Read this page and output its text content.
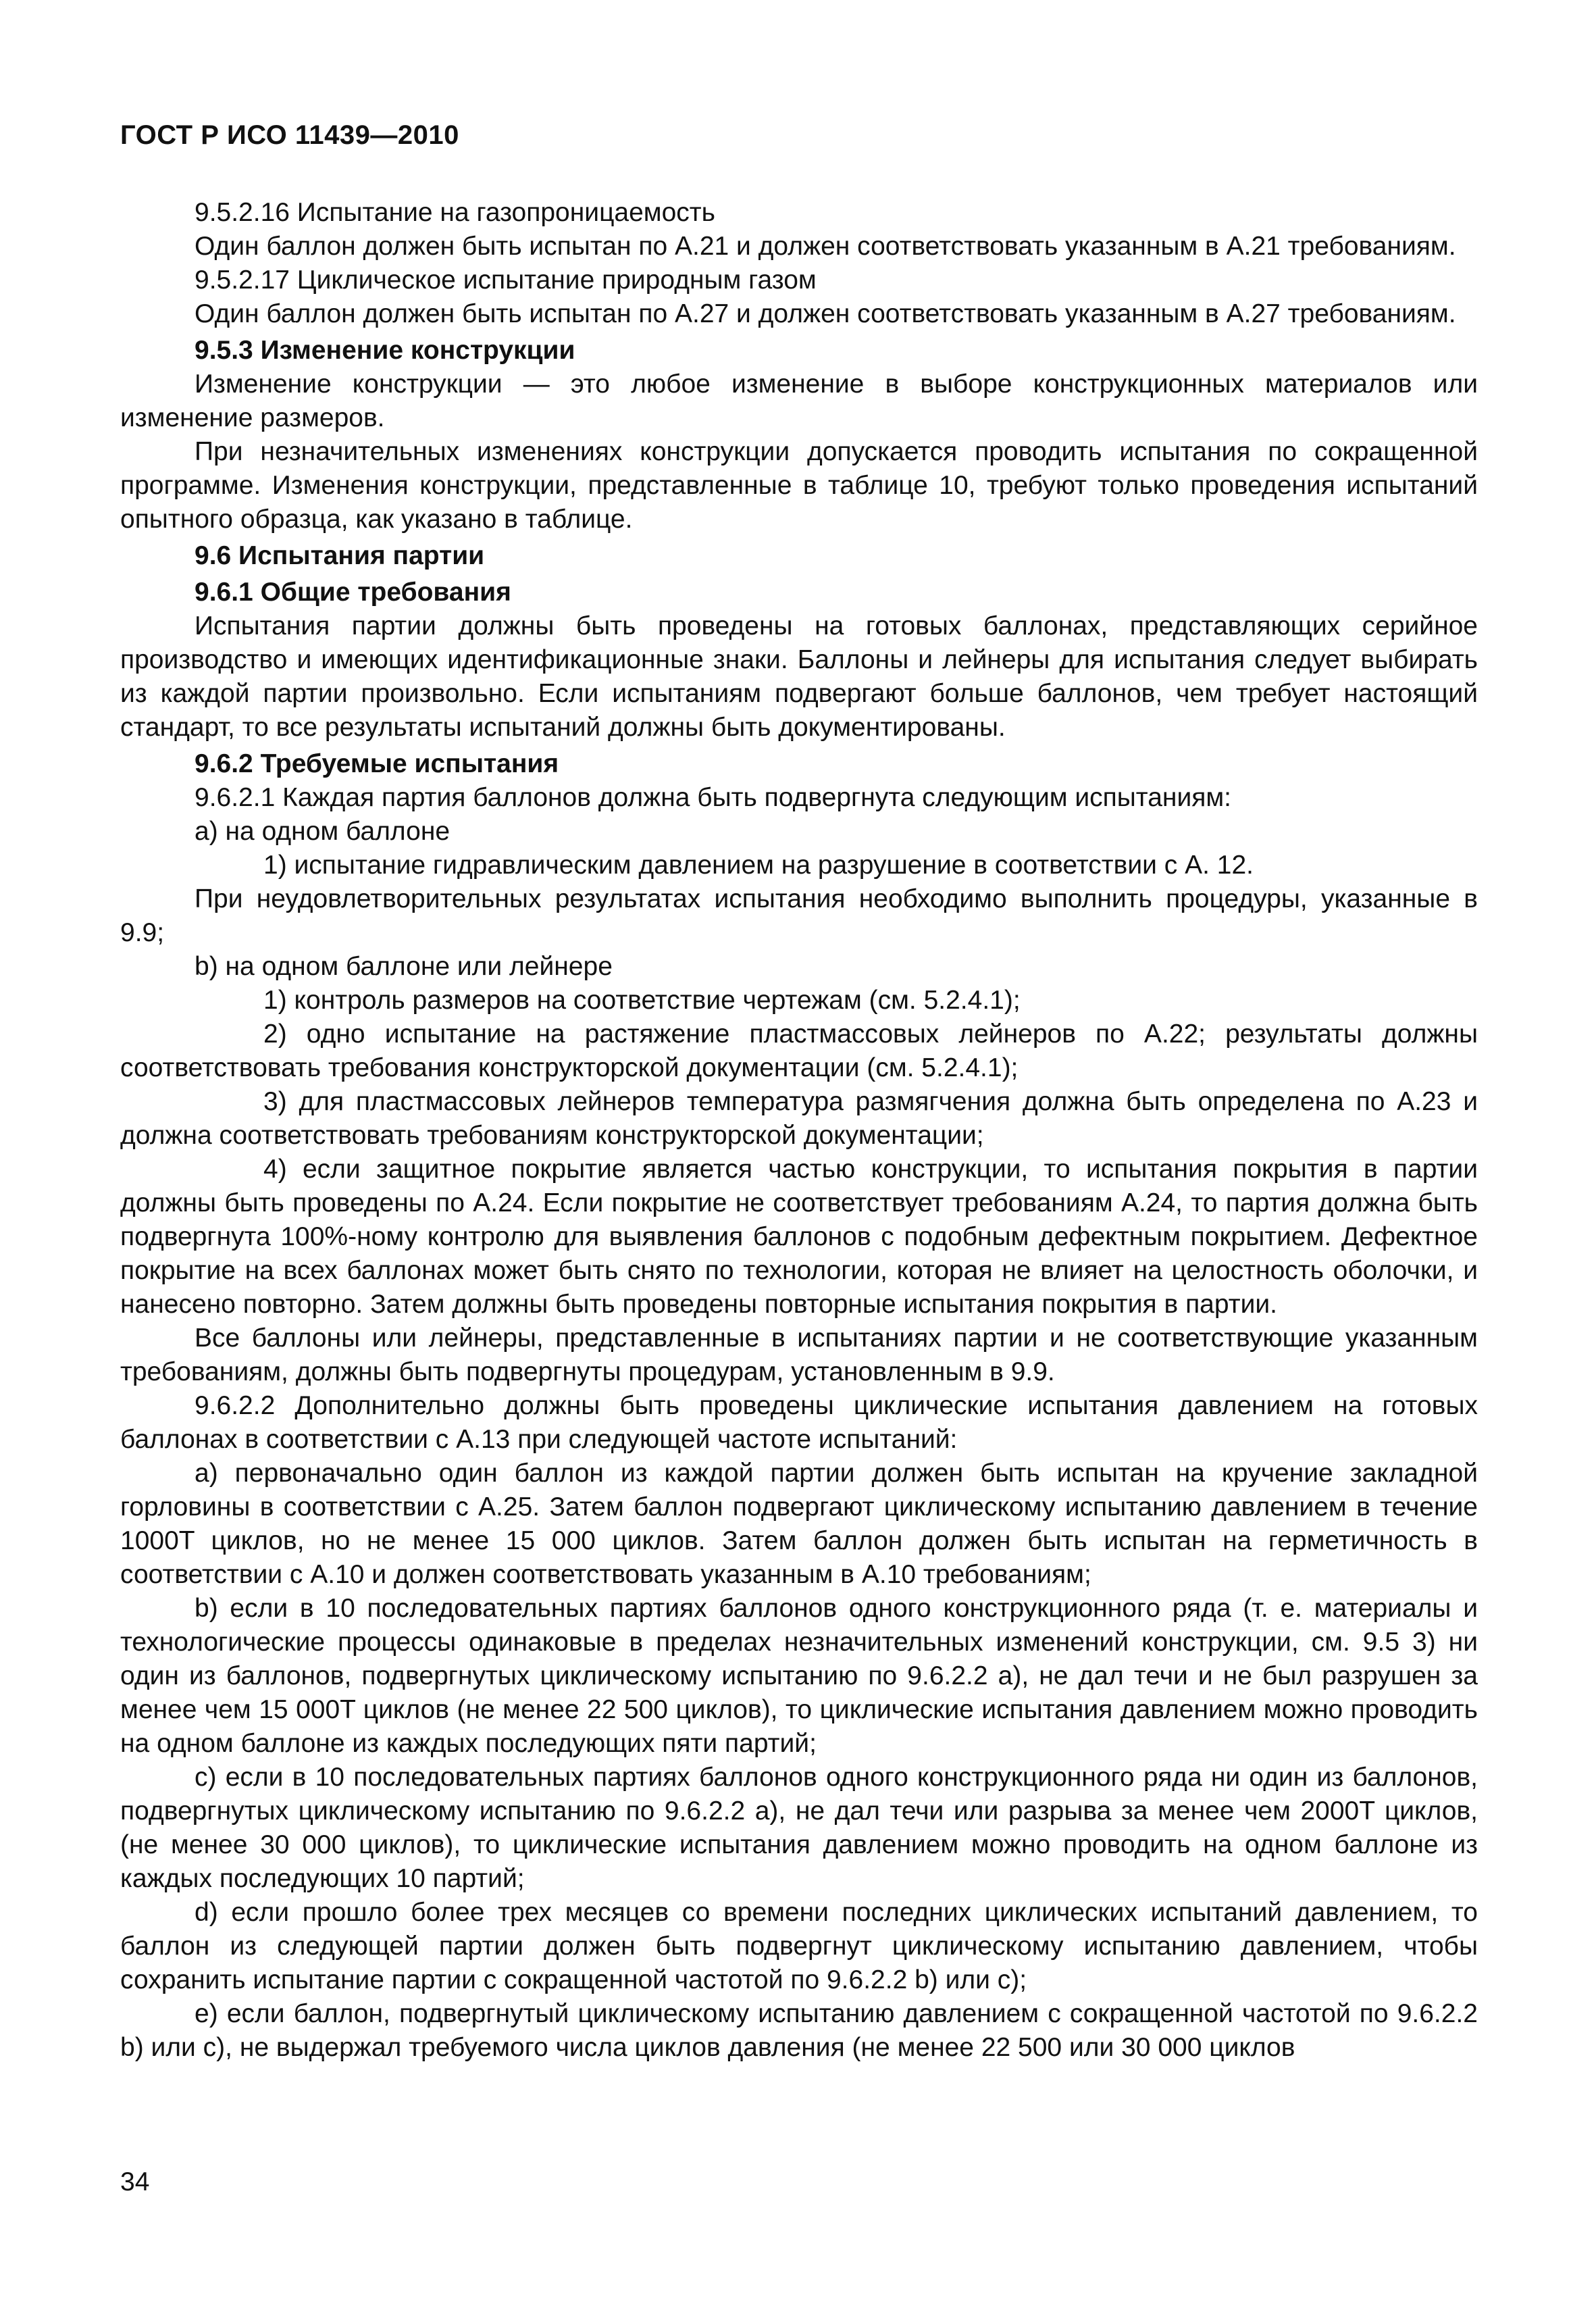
ГОСТ Р ИСО 11439—2010

9.5.2.16 Испытание на газопроницаемость

Один баллон должен быть испытан по А.21 и должен соответствовать указанным в А.21 требованиям.

9.5.2.17 Циклическое испытание природным газом

Один баллон должен быть испытан по А.27 и должен соответствовать указанным в А.27 требованиям.

9.5.3 Изменение конструкции

Изменение конструкции — это любое изменение в выборе конструкционных материалов или изменение размеров.

При незначительных изменениях конструкции допускается проводить испытания по сокращенной программе. Изменения конструкции, представленные в таблице 10, требуют только проведения испытаний опытного образца, как указано в таблице.

9.6 Испытания партии

9.6.1 Общие требования

Испытания партии должны быть проведены на готовых баллонах, представляющих серийное производство и имеющих идентификационные знаки. Баллоны и лейнеры для испытания следует выбирать из каждой партии произвольно. Если испытаниям подвергают больше баллонов, чем требует настоящий стандарт, то все результаты испытаний должны быть документированы.

9.6.2 Требуемые испытания

9.6.2.1 Каждая партия баллонов должна быть подвергнута следующим испытаниям:

a) на одном баллоне

1) испытание гидравлическим давлением на разрушение в соответствии с А. 12.

При неудовлетворительных результатах испытания необходимо выполнить процедуры, указанные в 9.9;

b) на одном баллоне или лейнере

1) контроль размеров на соответствие чертежам (см. 5.2.4.1);

2) одно испытание на растяжение пластмассовых лейнеров по А.22; результаты должны соответствовать требования конструкторской документации (см. 5.2.4.1);

3) для пластмассовых лейнеров температура размягчения должна быть определена по А.23 и должна соответствовать требованиям конструкторской документации;

4) если защитное покрытие является частью конструкции, то испытания покрытия в партии должны быть проведены по А.24. Если покрытие не соответствует требованиям А.24, то партия должна быть подвергнута 100%-ному контролю для выявления баллонов с подобным дефектным покрытием. Дефектное покрытие на всех баллонах может быть снято по технологии, которая не влияет на целостность оболочки, и нанесено повторно. Затем должны быть проведены повторные испытания покрытия в партии.

Все баллоны или лейнеры, представленные в испытаниях партии и не соответствующие указанным требованиям, должны быть подвергнуты процедурам, установленным в 9.9.

9.6.2.2 Дополнительно должны быть проведены циклические испытания давлением на готовых баллонах в соответствии с А.13 при следующей частоте испытаний:

a) первоначально один баллон из каждой партии должен быть испытан на кручение закладной горловины в соответствии с А.25. Затем баллон подвергают циклическому испытанию давлением в течение 1000T циклов, но не менее 15 000 циклов. Затем баллон должен быть испытан на герметичность в соответствии с А.10 и должен соответствовать указанным в А.10 требованиям;

b) если в 10 последовательных партиях баллонов одного конструкционного ряда (т. е. материалы и технологические процессы одинаковые в пределах незначительных изменений конструкции, см. 9.5 3) ни один из баллонов, подвергнутых циклическому испытанию по 9.6.2.2 а), не дал течи и не был разрушен за менее чем 15 000T циклов (не менее 22 500 циклов), то циклические испытания давлением можно проводить на одном баллоне из каждых последующих пяти партий;

c) если в 10 последовательных партиях баллонов одного конструкционного ряда ни один из баллонов, подвергнутых циклическому испытанию по 9.6.2.2 а), не дал течи или разрыва за менее чем 2000T циклов, (не менее 30 000 циклов), то циклические испытания давлением можно проводить на одном баллоне из каждых последующих 10 партий;

d) если прошло более трех месяцев со времени последних циклических испытаний давлением, то баллон из следующей партии должен быть подвергнут циклическому испытанию давлением, чтобы сохранить испытание партии с сокращенной частотой по 9.6.2.2 b) или с);

e) если баллон, подвергнутый циклическому испытанию давлением с сокращенной частотой по 9.6.2.2 b) или с), не выдержал требуемого числа циклов давления (не менее 22 500 или 30 000 циклов

34
